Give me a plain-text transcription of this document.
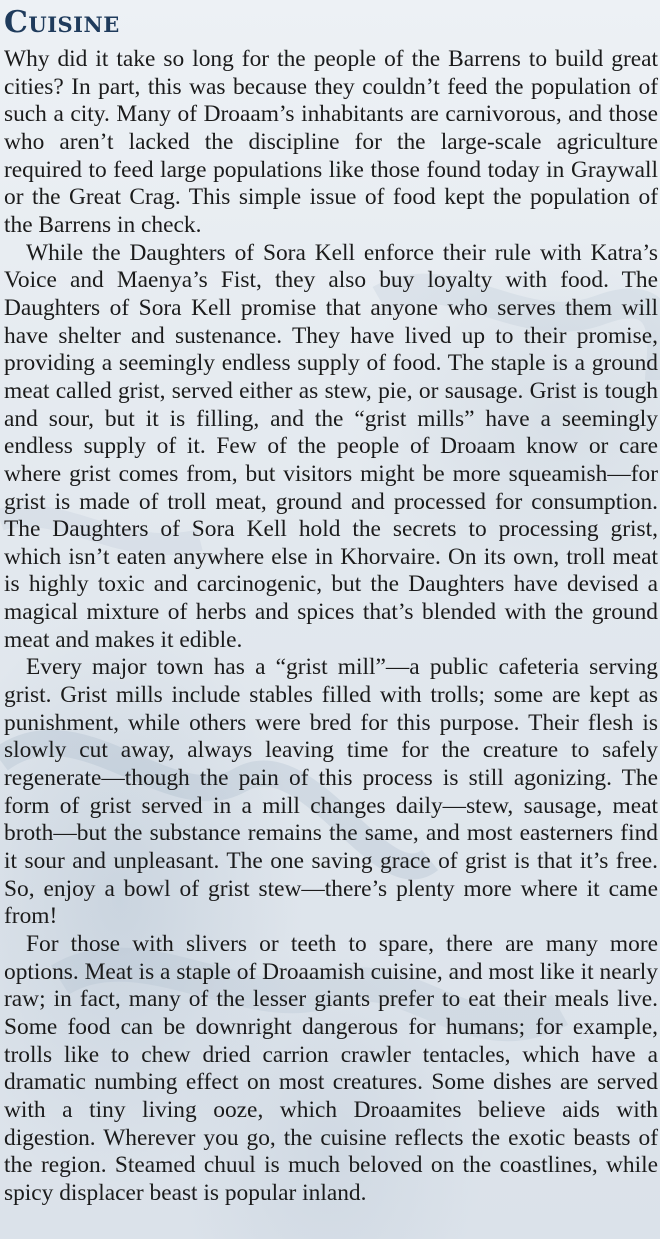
Cuisine

Why did it take so long for the people of the Barrens to build great cities? In part, this was because they couldn’t feed the population of such a city. Many of Droaam’s inhabitants are carnivorous, and those who aren’t lacked the discipline for the large-scale agriculture required to feed large populations like those found today in Graywall or the Great Crag. This simple issue of food kept the population of the Barrens in check.

While the Daughters of Sora Kell enforce their rule with Katra’s Voice and Maenya’s Fist, they also buy loyalty with food. The Daughters of Sora Kell promise that anyone who serves them will have shelter and sustenance. They have lived up to their promise, providing a seemingly endless supply of food. The staple is a ground meat called grist, served either as stew, pie, or sausage. Grist is tough and sour, but it is filling, and the “grist mills” have a seemingly endless supply of it. Few of the people of Droaam know or care where grist comes from, but visitors might be more squeamish—for grist is made of troll meat, ground and processed for consumption. The Daughters of Sora Kell hold the secrets to processing grist, which isn’t eaten anywhere else in Khorvaire. On its own, troll meat is highly toxic and carcinogenic, but the Daughters have devised a magical mixture of herbs and spices that’s blended with the ground meat and makes it edible.

Every major town has a “grist mill”—a public cafeteria serving grist. Grist mills include stables filled with trolls; some are kept as punishment, while others were bred for this purpose. Their flesh is slowly cut away, always leaving time for the creature to safely regenerate—though the pain of this process is still agonizing. The form of grist served in a mill changes daily—stew, sausage, meat broth—but the substance remains the same, and most easterners find it sour and unpleasant. The one saving grace of grist is that it’s free. So, enjoy a bowl of grist stew—there’s plenty more where it came from!

For those with slivers or teeth to spare, there are many more options. Meat is a staple of Droaamish cuisine, and most like it nearly raw; in fact, many of the lesser giants prefer to eat their meals live. Some food can be downright dangerous for humans; for example, trolls like to chew dried carrion crawler tentacles, which have a dramatic numbing effect on most creatures. Some dishes are served with a tiny living ooze, which Droaamites believe aids with digestion. Wherever you go, the cuisine reflects the exotic beasts of the region. Steamed chuul is much beloved on the coastlines, while spicy displacer beast is popular inland.
